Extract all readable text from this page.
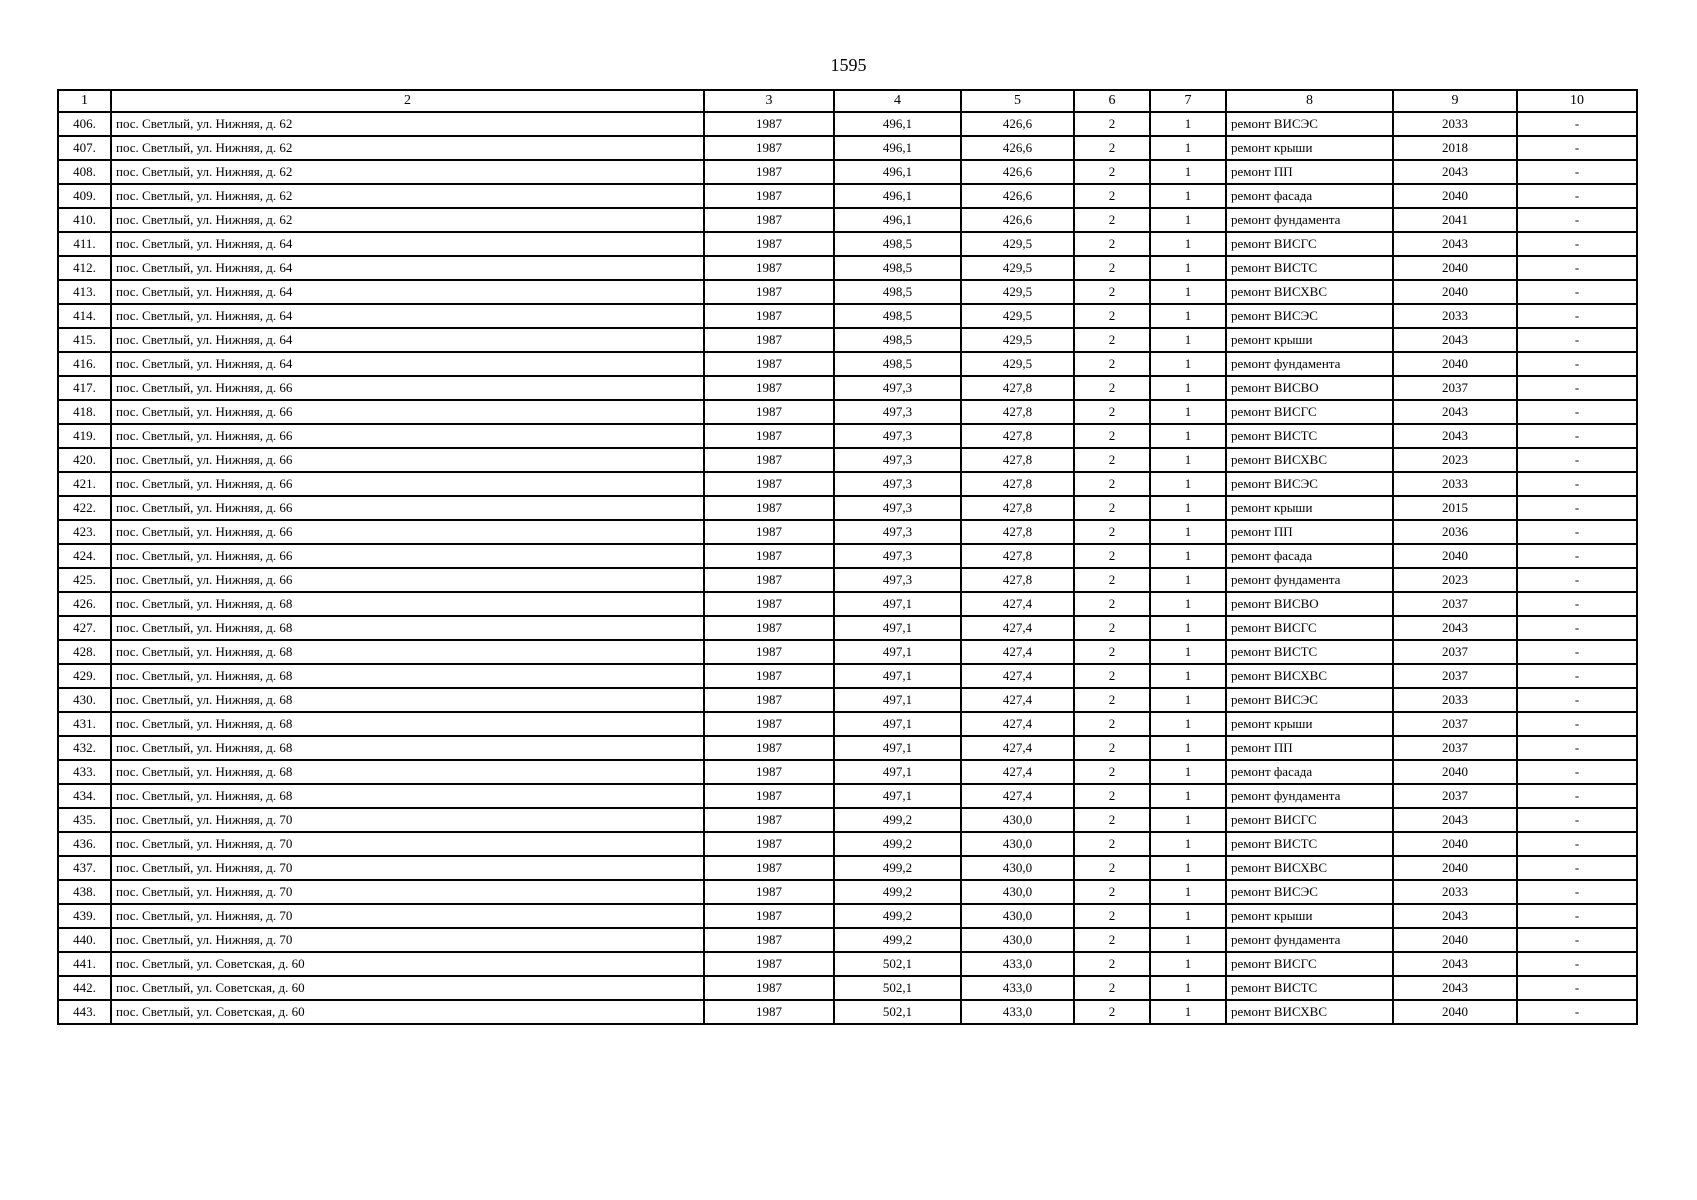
1595
1	2	3	4	5	6	7	8	9	10
406.	пос. Светлый, ул. Нижняя, д. 62	1987	496,1	426,6	2	1	ремонт ВИСЭС	2033	-
407.	пос. Светлый, ул. Нижняя, д. 62	1987	496,1	426,6	2	1	ремонт крыши	2018	-
408.	пос. Светлый, ул. Нижняя, д. 62	1987	496,1	426,6	2	1	ремонт ПП	2043	-
409.	пос. Светлый, ул. Нижняя, д. 62	1987	496,1	426,6	2	1	ремонт фасада	2040	-
410.	пос. Светлый, ул. Нижняя, д. 62	1987	496,1	426,6	2	1	ремонт фундамента	2041	-
411.	пос. Светлый, ул. Нижняя, д. 64	1987	498,5	429,5	2	1	ремонт ВИСГС	2043	-
412.	пос. Светлый, ул. Нижняя, д. 64	1987	498,5	429,5	2	1	ремонт ВИСТС	2040	-
413.	пос. Светлый, ул. Нижняя, д. 64	1987	498,5	429,5	2	1	ремонт ВИСХВС	2040	-
414.	пос. Светлый, ул. Нижняя, д. 64	1987	498,5	429,5	2	1	ремонт ВИСЭС	2033	-
415.	пос. Светлый, ул. Нижняя, д. 64	1987	498,5	429,5	2	1	ремонт крыши	2043	-
416.	пос. Светлый, ул. Нижняя, д. 64	1987	498,5	429,5	2	1	ремонт фундамента	2040	-
417.	пос. Светлый, ул. Нижняя, д. 66	1987	497,3	427,8	2	1	ремонт ВИСВО	2037	-
418.	пос. Светлый, ул. Нижняя, д. 66	1987	497,3	427,8	2	1	ремонт ВИСГС	2043	-
419.	пос. Светлый, ул. Нижняя, д. 66	1987	497,3	427,8	2	1	ремонт ВИСТС	2043	-
420.	пос. Светлый, ул. Нижняя, д. 66	1987	497,3	427,8	2	1	ремонт ВИСХВС	2023	-
421.	пос. Светлый, ул. Нижняя, д. 66	1987	497,3	427,8	2	1	ремонт ВИСЭС	2033	-
422.	пос. Светлый, ул. Нижняя, д. 66	1987	497,3	427,8	2	1	ремонт крыши	2015	-
423.	пос. Светлый, ул. Нижняя, д. 66	1987	497,3	427,8	2	1	ремонт ПП	2036	-
424.	пос. Светлый, ул. Нижняя, д. 66	1987	497,3	427,8	2	1	ремонт фасада	2040	-
425.	пос. Светлый, ул. Нижняя, д. 66	1987	497,3	427,8	2	1	ремонт фундамента	2023	-
426.	пос. Светлый, ул. Нижняя, д. 68	1987	497,1	427,4	2	1	ремонт ВИСВО	2037	-
427.	пос. Светлый, ул. Нижняя, д. 68	1987	497,1	427,4	2	1	ремонт ВИСГС	2043	-
428.	пос. Светлый, ул. Нижняя, д. 68	1987	497,1	427,4	2	1	ремонт ВИСТС	2037	-
429.	пос. Светлый, ул. Нижняя, д. 68	1987	497,1	427,4	2	1	ремонт ВИСХВС	2037	-
430.	пос. Светлый, ул. Нижняя, д. 68	1987	497,1	427,4	2	1	ремонт ВИСЭС	2033	-
431.	пос. Светлый, ул. Нижняя, д. 68	1987	497,1	427,4	2	1	ремонт крыши	2037	-
432.	пос. Светлый, ул. Нижняя, д. 68	1987	497,1	427,4	2	1	ремонт ПП	2037	-
433.	пос. Светлый, ул. Нижняя, д. 68	1987	497,1	427,4	2	1	ремонт фасада	2040	-
434.	пос. Светлый, ул. Нижняя, д. 68	1987	497,1	427,4	2	1	ремонт фундамента	2037	-
435.	пос. Светлый, ул. Нижняя, д. 70	1987	499,2	430,0	2	1	ремонт ВИСГС	2043	-
436.	пос. Светлый, ул. Нижняя, д. 70	1987	499,2	430,0	2	1	ремонт ВИСТС	2040	-
437.	пос. Светлый, ул. Нижняя, д. 70	1987	499,2	430,0	2	1	ремонт ВИСХВС	2040	-
438.	пос. Светлый, ул. Нижняя, д. 70	1987	499,2	430,0	2	1	ремонт ВИСЭС	2033	-
439.	пос. Светлый, ул. Нижняя, д. 70	1987	499,2	430,0	2	1	ремонт крыши	2043	-
440.	пос. Светлый, ул. Нижняя, д. 70	1987	499,2	430,0	2	1	ремонт фундамента	2040	-
441.	пос. Светлый, ул. Советская, д. 60	1987	502,1	433,0	2	1	ремонт ВИСГС	2043	-
442.	пос. Светлый, ул. Советская, д. 60	1987	502,1	433,0	2	1	ремонт ВИСТС	2043	-
443.	пос. Светлый, ул. Советская, д. 60	1987	502,1	433,0	2	1	ремонт ВИСХВС	2040	-
